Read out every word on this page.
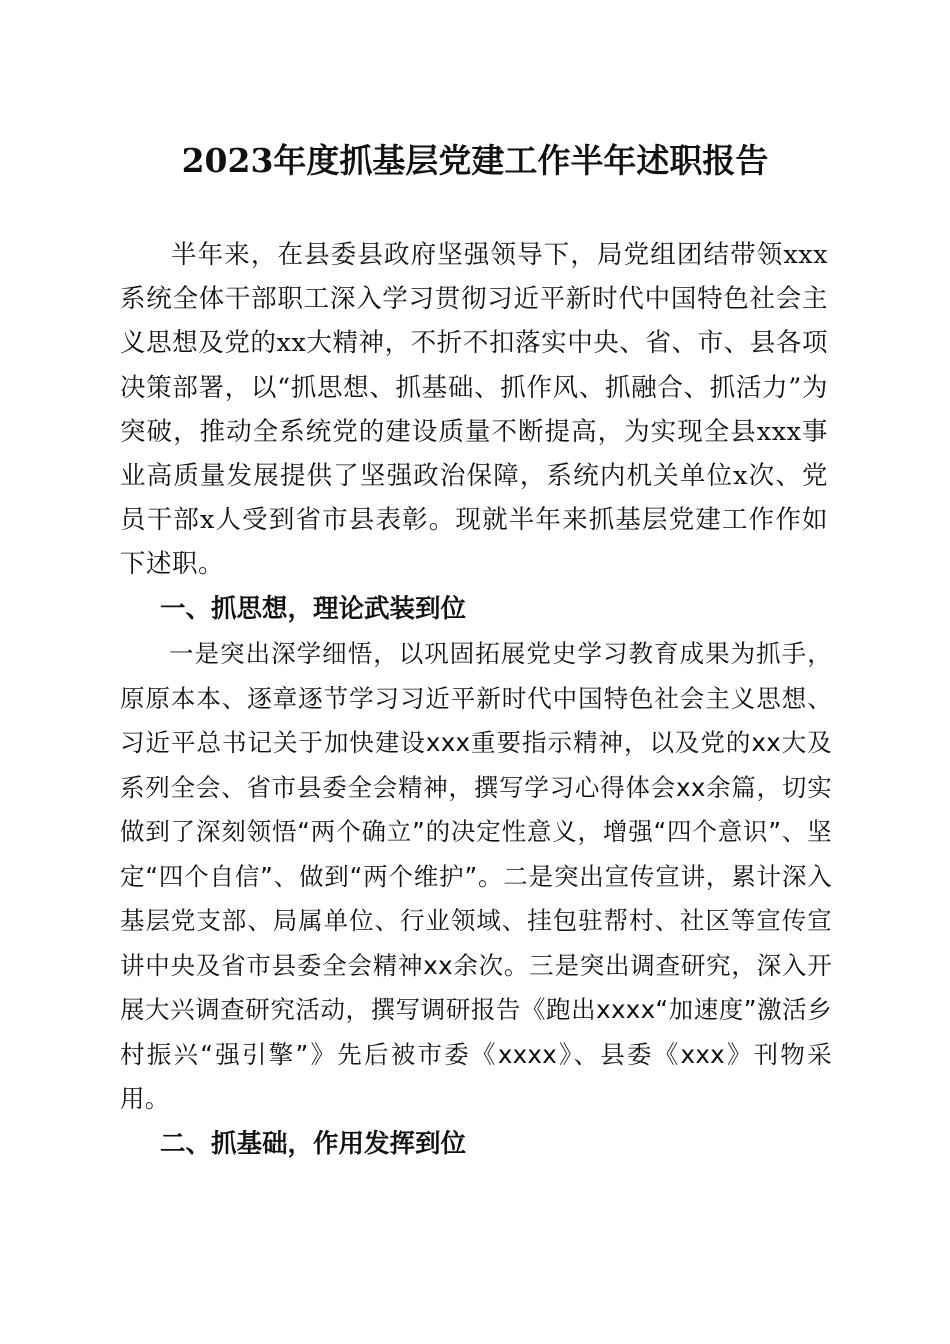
2023年度抓基层党建工作半年述职报告

半年来，在县委县政府坚强领导下，局党组团结带领xxx系统全体干部职工深入学习贯彻习近平新时代中国特色社会主义思想及党的xx大精神，不折不扣落实中央、省、市、县各项决策部署，以“抓思想、抓基础、抓作风、抓融合、抓活力”为突破，推动全系统党的建设质量不断提高，为实现全县xxx事业高质量发展提供了坚强政治保障，系统内机关单位x次、党员干部x人受到省市县表彰。现就半年来抓基层党建工作作如下述职。

一、抓思想，理论武装到位

一是突出深学细悟，以巩固拓展党史学习教育成果为抓手，原原本本、逐章逐节学习习近平新时代中国特色社会主义思想、习近平总书记关于加快建设xxx重要指示精神，以及党的xx大及系列全会、省市县委全会精神，撰写学习心得体会xx余篇，切实做到了深刻领悟“两个确立”的决定性意义，增强“四个意识”、坚定“四个自信”、做到“两个维护”。二是突出宣传宣讲，累计深入基层党支部、局属单位、行业领域、挂包驻帮村、社区等宣传宣讲中央及省市县委全会精神xx余次。三是突出调查研究，深入开展大兴调查研究活动，撰写调研报告《跑出xxxx“加速度”激活乡村振兴“强引擎”》先后被市委《xxxx》、县委《xxx》刊物采用。

二、抓基础，作用发挥到位
